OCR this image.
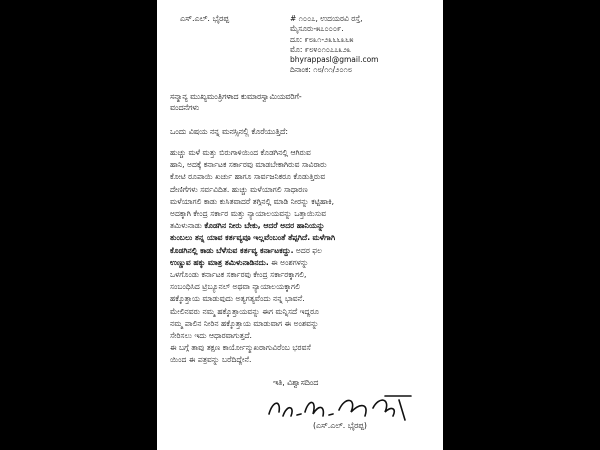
ಎಸ್.ಎಲ್. ಭೈರಪ್ಪ	# ೧೦೦೭, ಉದಯರವಿ ರಸ್ತೆ,
ಮೈಸೂರು-೫೭೦೦೦೯.
ದೂ: ೯೮೩೧-೨೩೬೬೩೬೫
ಮೊ: ೯೮೪೦೧೦೭೭೩೨೩
bhyrappasl@gmail.com
ದಿನಾಂಕ: ೧೮/೧೧/೨೦೧೮
ಸನ್ಮಾನ್ಯ ಮುಖ್ಯಮಂತ್ರಿಗಳಾದ ಕುಮಾರಸ್ವಾಮಿಯವರಿಗೆ-
ವಂದನೆಗಳು
ಒಂದು ವಿಷಯ ನನ್ನ ಮನಸ್ಸಿನಲ್ಲಿ ಕೊರೆಯುತ್ತಿದೆ:
ಹುಚ್ಚು ಮಳೆ ಮತ್ತು ಬಿರುಗಾಳಿಯಿಂದ ಕೊಡಗಿನಲ್ಲಿ ಆಗಿರುವ
ಹಾನಿ, ಅದಕ್ಕೆ ಕರ್ನಾಟಕ ಸರ್ಕಾರವು ಮಾಡಬೇಕಾಗಿರುವ ಸಾವಿರಾರು
ಕೋಟಿ ರೂಪಾಯಿ ಖರ್ಚು ಹಾಗೂ ಸಾರ್ವಜನಿಕರೂ ಕೊಡುತ್ತಿರುವ
ದೇಣಿಗೆಗಳು ಸರ್ವವಿದಿತ. ಹುಚ್ಚು ಮಳೆಯಾಗಲಿ ಸಾಧಾರಣ
ಮಳೆಯಾಗಲಿ ಕಾಡು ಕುಸಿತವಾದರೆ ತಗ್ಗಿನಲ್ಲಿ ಮಾಡಿ ನೀರನ್ನು ಕಟ್ಟಿಹಾಕಿ,
ಅದಕ್ಕಾಗಿ ಕೇಂದ್ರ ಸರ್ಕಾರ ಮತ್ತು ನ್ಯಾಯಾಲಯವನ್ನು ಒತ್ತಾಯಿಸುವ
ತಮಿಳುನಾಡು ಕೊಡಗಿನ ನೀರು ಬೇಕು, ಆದರೆ ಅದರ ಹಾನಿಯನ್ನು
ತುಂಬಲು ತನ್ನ ಯಾವ ಕರ್ತವ್ಯವೂ ಇಲ್ಲವೆಂಬಂತೆ ತೆಪ್ಪಗಿದೆ. ಮಳೆಗಾಗಿ
ಕೊಡಗಿನಲ್ಲಿ ಕಾಡು ಬೆಳೆಸುವ ಕರ್ತವ್ಯ ಕರ್ನಾಟಕದ್ದು. ಅದರ ಫಲ
ಉಣ್ಣುವ ಹಕ್ಕು ಮಾತ್ರ ತಮಿಳುನಾಡಿನದು. ಈ ಅಂಶಗಳನ್ನು
ಒಳಗೊಂಡು ಕರ್ನಾಟಕ ಸರ್ಕಾರವು ಕೇಂದ್ರ ಸರ್ಕಾರಕ್ಕಾಗಲಿ,
ಸಂಬಂಧಿಸಿದ ಟ್ರಿಬ್ಯೂನಲ್ ಅಥವಾ ನ್ಯಾಯಾಲಯಕ್ಕಾಗಲಿ
ಹಕ್ಕೊತ್ತಾಯ ಮಾಡುವುದು ಅತ್ಯಗತ್ಯವೆಂದು ನನ್ನ ಭಾವನೆ.
ಮೇಲಿನವರು ನಮ್ಮ ಹಕ್ಕೊತ್ತಾಯವನ್ನು ಈಗ ಮನ್ನಿಸದೆ ಇದ್ದರೂ
ನಮ್ಮ ಪಾಲಿನ ನೀರಿನ ಹಕ್ಕೊತ್ತಾಯ ಮಾಡುವಾಗ ಈ ಅಂಶವನ್ನು
ಸೇರಿಸಲು ಇದು ಆಧಾರವಾಗುತ್ತದೆ.
ಈ ಬಗ್ಗೆ ತಾವು ತಕ್ಷಣ ಕಾರ್ಯೋನ್ಮುಖರಾಗುವಿರೆಂಬ ಭರವಸೆ
ಯಿಂದ ಈ ಪತ್ರವನ್ನು ಬರೆದಿದ್ದೇನೆ.
ಇತಿ, ವಿಶ್ವಾಸದಿಂದ
(ಎಸ್.ಎಲ್. ಭೈರಪ್ಪ)
